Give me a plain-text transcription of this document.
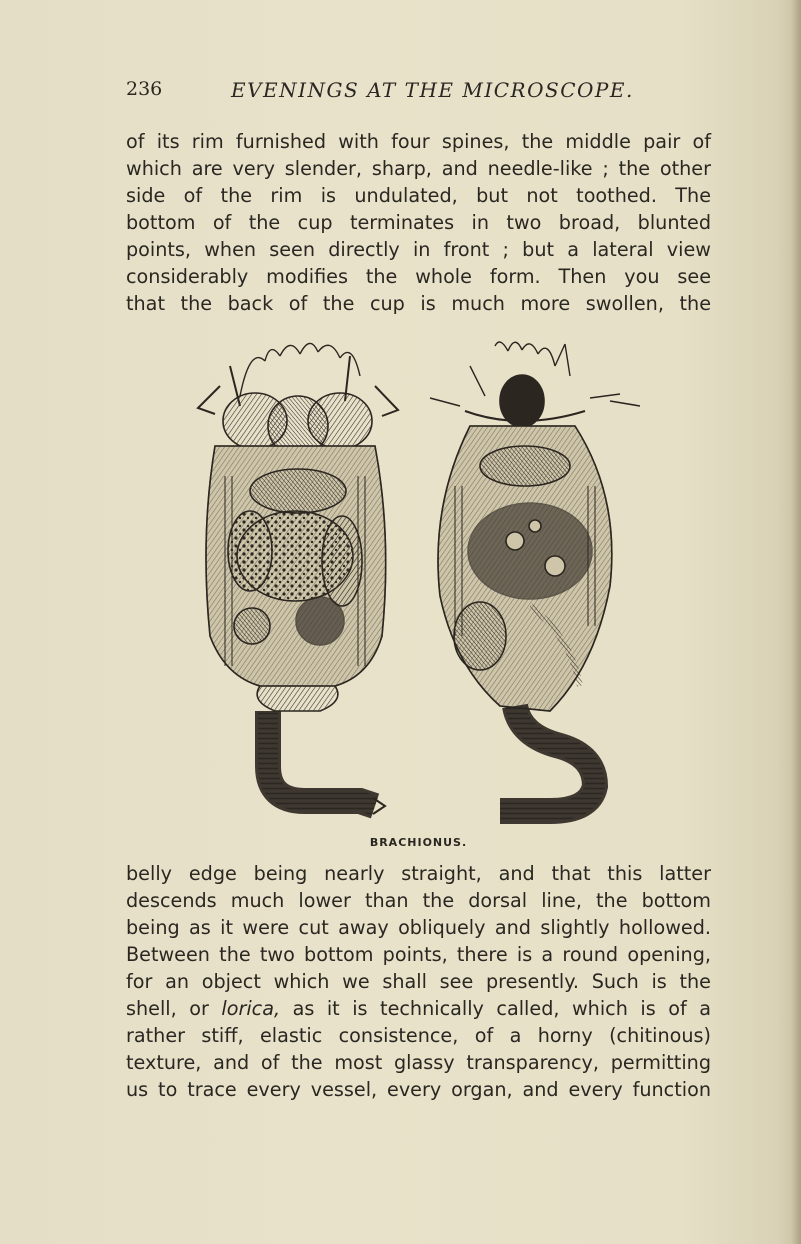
236	EVENINGS AT THE MICROSCOPE.

of its rim furnished with four spines, the middle pair of
which are very slender, sharp, and needle-like ; the other
side of the rim is undulated, but not toothed. The
bottom of the cup terminates in two broad, blunted
points, when seen directly in front ; but a lateral view
considerably modifies the whole form. Then you see
that the back of the cup is much more swollen, the

BRACHIONUS.

belly edge being nearly straight, and that this latter
descends much lower than the dorsal line, the bottom
being as it were cut away obliquely and slightly hollowed.
Between the two bottom points, there is a round opening,
for an object which we shall see presently. Such is the
shell, or lorica, as it is technically called, which is of a
rather stiff, elastic consistence, of a horny (chitinous)
texture, and of the most glassy transparency, permitting
us to trace every vessel, every organ, and every function
